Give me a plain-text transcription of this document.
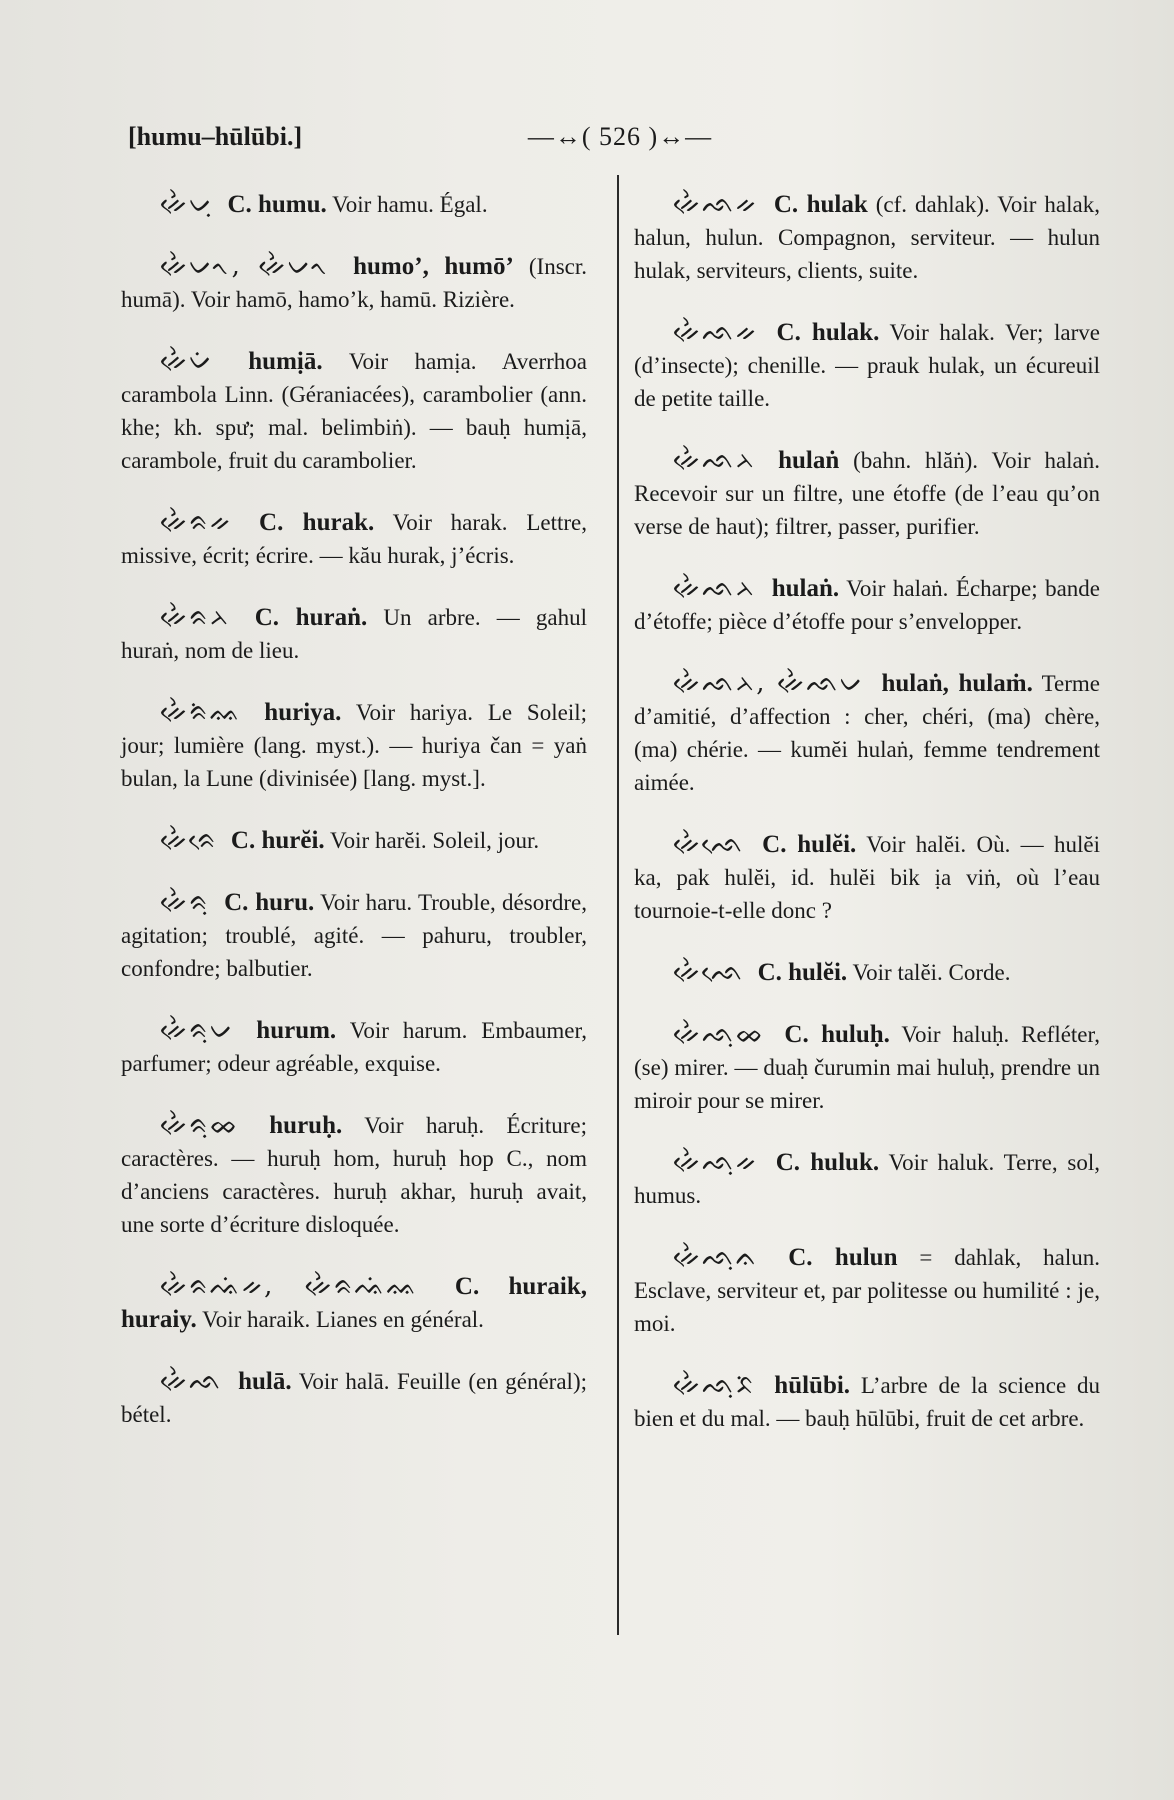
[humu–hūlūbi.]	—↔( 526 )↔—

ᨀᨙᨛᨆᨘ C. humu. Voir hamu. Égal.

ᨀᨙᨛᨆᨚ, ᨀᨙᨛᨆᨚ humo’, humō’ (Inscr. humā). Voir hamō, hamo’k, hamū. Rizière.

ᨀᨙᨛᨆᨗ humịā. Voir hamịa. Averrhoa carambola Linn. (Géraniacées), carambolier (ann. khe; kh. spư; mal. belimbiṅ). — bauḥ humịā, carambole, fruit du carambolier.

ᨀᨙᨛᨑᨀ C. hurak. Voir harak. Lettre, missive, écrit; écrire. — kău hurak, j’écris.

ᨀᨙᨛᨑᨂ C. huraṅ. Un arbre. — gahul huraṅ, nom de lieu.

ᨀᨙᨛᨑᨗᨐ huriya. Voir hariya. Le Soleil; jour; lumière (lang. myst.). — huriya čan = yaṅ bulan, la Lune (divinisée) [lang. myst.].

ᨀᨙᨛᨑᨙ C. hurĕi. Voir harĕi. Soleil, jour.

ᨀᨙᨛᨑᨘ C. huru. Voir haru. Trouble, désordre, agitation; troublé, agité. — pahuru, troubler, confondre; balbutier.

ᨀᨙᨛᨑᨘᨆ hurum. Voir harum. Embaumer, parfumer; odeur agréable, exquise.

ᨀᨙᨛᨑᨘᨖ huruḥ. Voir haruḥ. Écriture; caractères. — huruḥ hom, huruḥ hop C., nom d’anciens caractères. huruḥ akhar, huruḥ avait, une sorte d’écriture disloquée.

ᨀᨙᨛᨑᨕᨗᨀ, ᨀᨙᨛᨑᨕᨗᨐ C. huraik, huraiy. Voir haraik. Lianes en général.

ᨀᨙᨛᨒ hulā. Voir halā. Feuille (en général); bétel.

ᨀᨙᨛᨒᨀ C. hulak (cf. dahlak). Voir halak, halun, hulun. Compagnon, serviteur. — hulun hulak, serviteurs, clients, suite.

ᨀᨙᨛᨒᨀ C. hulak. Voir halak. Ver; larve (d’insecte); chenille. — prauk hulak, un écureuil de petite taille.

ᨀᨙᨛᨒᨂ hulaṅ (bahn. hlăṅ). Voir halaṅ. Recevoir sur un filtre, une étoffe (de l’eau qu’on verse de haut); filtrer, passer, purifier.

ᨀᨙᨛᨒᨂ hulaṅ. Voir halaṅ. Écharpe; bande d’étoffe; pièce d’étoffe pour s’envelopper.

ᨀᨙᨛᨒᨂ, ᨀᨙᨛᨒᨆ hulaṅ, hulaṁ. Terme d’amitié, d’affection : cher, chéri, (ma) chère, (ma) chérie. — kumĕi hulaṅ, femme tendrement aimée.

ᨀᨙᨛᨒᨙ C. hulĕi. Voir halĕi. Où. — hulĕi ka, pak hulĕi, id. hulĕi bik ịa viṅ, où l’eau tournoie-t-elle donc ?

ᨀᨙᨛᨒᨙ C. hulĕi. Voir talĕi. Corde.

ᨀᨙᨛᨒᨘᨖ C. huluḥ. Voir haluḥ. Refléter, (se) mirer. — duaḥ čurumin mai huluḥ, prendre un miroir pour se mirer.

ᨀᨙᨛᨒᨘᨀ C. huluk. Voir haluk. Terre, sol, humus.

ᨀᨙᨛᨒᨘᨊ C. hulun = dahlak, halun. Esclave, serviteur et, par politesse ou humilité : je, moi.

ᨀᨙᨛᨒᨘᨅᨗ hūlūbi. L’arbre de la science du bien et du mal. — bauḥ hūlūbi, fruit de cet arbre.
